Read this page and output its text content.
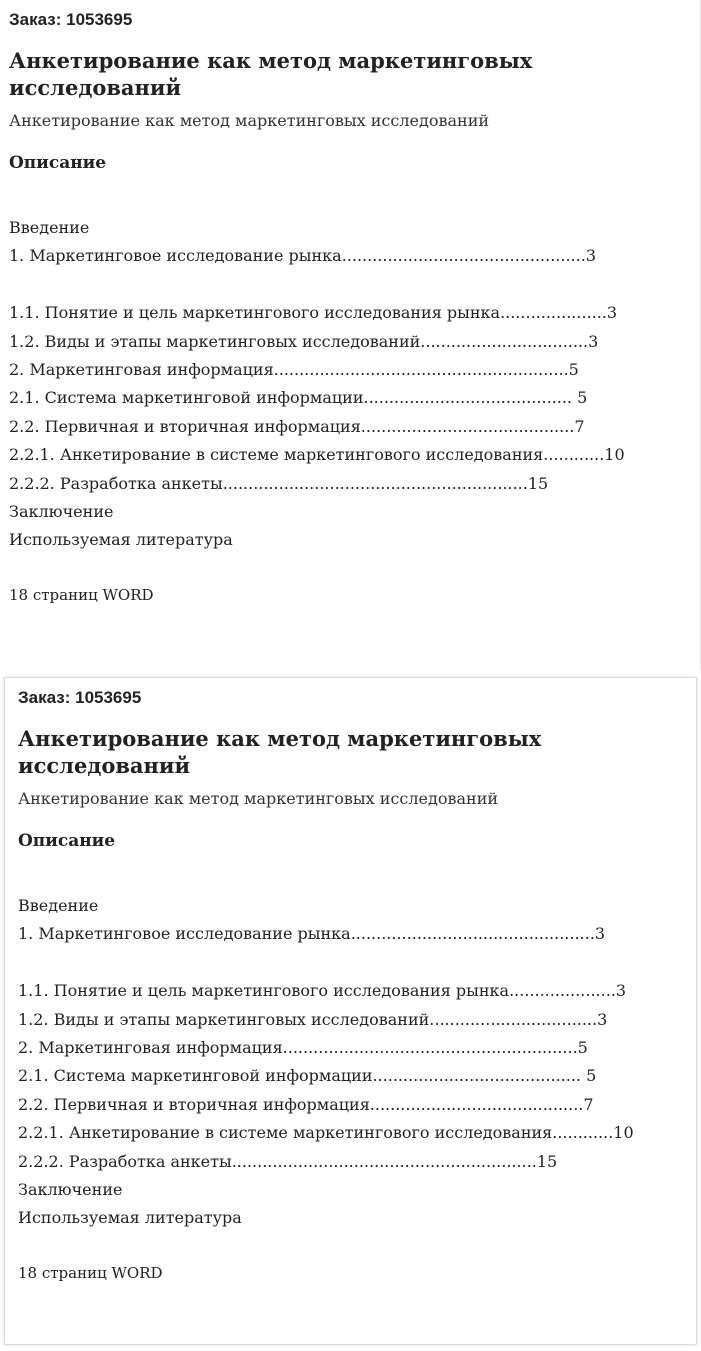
Заказ: 1053695
Анкетирование как метод маркетинговых исследований
Анкетирование как метод маркетинговых исследований
Описание
Введение
1. Маркетинговое исследование рынка................................................3
1.1. Понятие и цель маркетингового исследования рынка.....................3
1.2. Виды и этапы маркетинговых исследований.................................3
2. Маркетинговая информация..........................................................5
2.1. Система маркетинговой информации......................................... 5
2.2. Первичная и вторичная информация..........................................7
2.2.1. Анкетирование в системе маркетингового исследования............10
2.2.2. Разработка анкеты............................................................15
Заключение
Используемая литература
18 страниц WORD
Заказ: 1053695
Анкетирование как метод маркетинговых исследований
Анкетирование как метод маркетинговых исследований
Описание
Введение
1. Маркетинговое исследование рынка................................................3
1.1. Понятие и цель маркетингового исследования рынка.....................3
1.2. Виды и этапы маркетинговых исследований.................................3
2. Маркетинговая информация..........................................................5
2.1. Система маркетинговой информации......................................... 5
2.2. Первичная и вторичная информация..........................................7
2.2.1. Анкетирование в системе маркетингового исследования............10
2.2.2. Разработка анкеты............................................................15
Заключение
Используемая литература
18 страниц WORD
